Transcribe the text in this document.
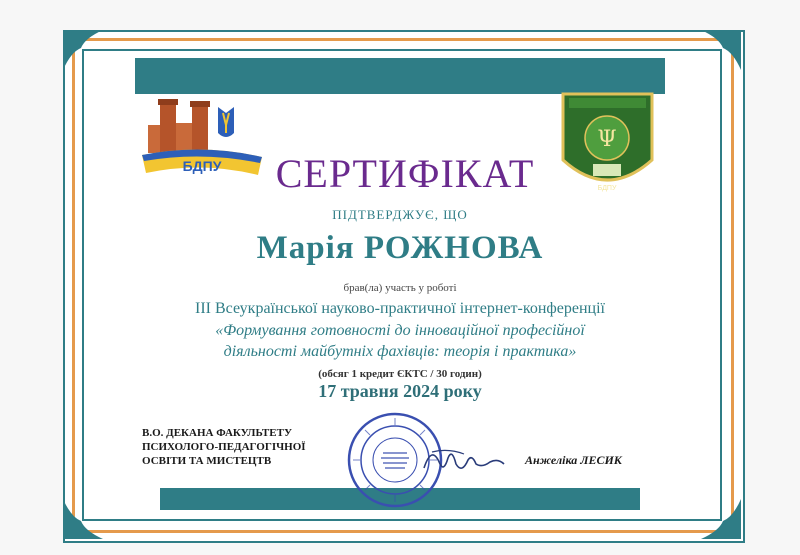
БДПУ
Ψ
БДПУ
СЕРТИФІКАТ
ПІДТВЕРДЖУЄ, ЩО
Марія РОЖНОВА
брав(ла) участь у роботі
ІІІ Всеукраїнської науково-практичної інтернет-конференції
«Формування готовності до інноваційної професійної
діяльності майбутніх фахівців: теорія і практика»
(обсяг 1 кредит ЄКТС / 30 годин)
17 травня 2024 року
В.О. ДЕКАНА ФАКУЛЬТЕТУ
ПСИХОЛОГО-ПЕДАГОГІЧНОЇ
ОСВІТИ ТА МИСТЕЦТВ	Анжеліка ЛЕСИК
